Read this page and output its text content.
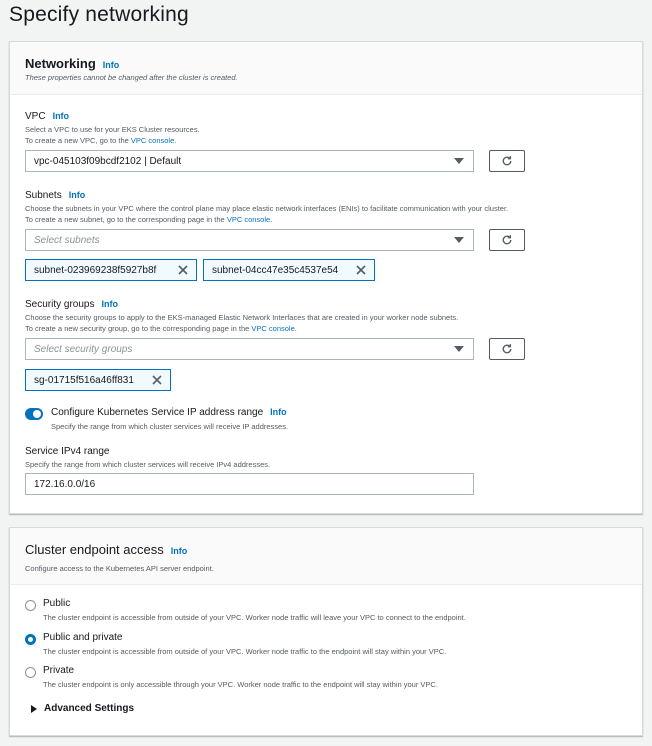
Specify networking
Networking Info
These properties cannot be changed after the cluster is created.
VPC Info
Select a VPC to use for your EKS Cluster resources.
To create a new VPC, go to the VPC console.
vpc-045103f09bcdf2102 | Default
Subnets Info
Choose the subnets in your VPC where the control plane may place elastic network interfaces (ENIs) to facilitate communication with your cluster.
To create a new subnet, go to the corresponding page in the VPC console.
Select subnets
subnet-023969238f5927b8f	subnet-04cc47e35c4537e54
Security groups Info
Choose the security groups to apply to the EKS-managed Elastic Network Interfaces that are created in your worker node subnets.
To create a new security group, go to the corresponding page in the VPC console.
Select security groups
sg-01715f516a46ff831
Configure Kubernetes Service IP address range Info
Specify the range from which cluster services will receive IP addresses.
Service IPv4 range
Specify the range from which cluster services will receive IPv4 addresses.
172.16.0.0/16
Cluster endpoint access Info
Configure access to the Kubernetes API server endpoint.
Public
The cluster endpoint is accessible from outside of your VPC. Worker node traffic will leave your VPC to connect to the endpoint.
Public and private
The cluster endpoint is accessible from outside of your VPC. Worker node traffic to the endpoint will stay within your VPC.
Private
The cluster endpoint is only accessible through your VPC. Worker node traffic to the endpoint will stay within your VPC.
Advanced Settings
